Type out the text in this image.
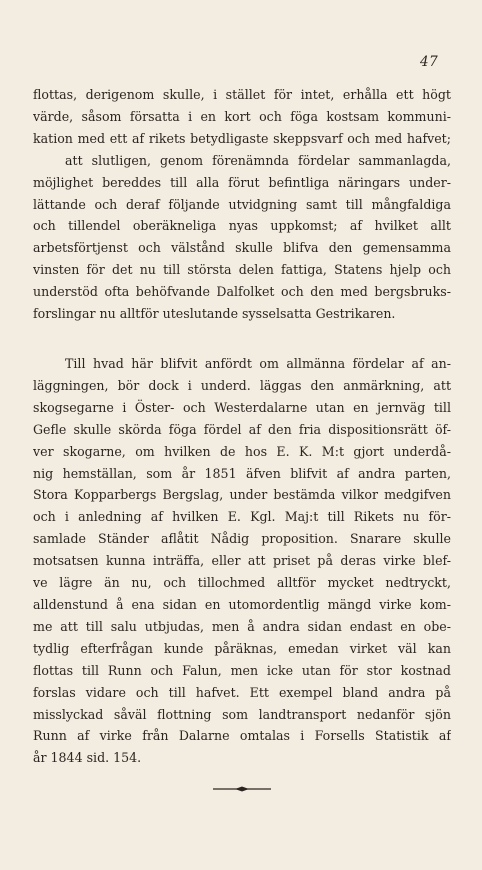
47
flottas, derigenom skulle, i stället för intet, erhålla ett högt
värde, såsom försatta i en kort och föga kostsam kommuni-
kation med ett af rikets betydligaste skeppsvarf och med hafvet;
att slutligen, genom förenämnda fördelar sammanlagda,
möjlighet bereddes till alla förut befintliga näringars under-
lättande och deraf följande utvidgning samt till mångfaldiga
och tillendel oberäkneliga nyas uppkomst; af hvilket allt
arbetsförtjenst och välstånd skulle blifva den gemensamma
vinsten för det nu till största delen fattiga, Statens hjelp och
understöd ofta behöfvande Dalfolket och den med bergsbruks-
forslingar nu alltför uteslutande sysselsatta Gestrikaren.
Till hvad här blifvit anfördt om allmänna fördelar af an-
läggningen, bör dock i underd. läggas den anmärkning, att
skogsegarne i Öster- och Westerdalarne utan en jernväg till
Gefle skulle skörda föga fördel af den fria dispositionsrätt öf-
ver skogarne, om hvilken de hos E. K. M:t gjort underdå-
nig hemställan, som år 1851 äfven blifvit af andra parten,
Stora Kopparbergs Bergslag, under bestämda vilkor medgifven
och i anledning af hvilken E. Kgl. Maj:t till Rikets nu för-
samlade Ständer aflåtit Nådig proposition. Snarare skulle
motsatsen kunna inträffa, eller att priset på deras virke blef-
ve lägre än nu, och tillochmed alltför mycket nedtryckt,
alldenstund å ena sidan en utomordentlig mängd virke kom-
me att till salu utbjudas, men å andra sidan endast en obe-
tydlig efterfrågan kunde påräknas, emedan virket väl kan
flottas till Runn och Falun, men icke utan för stor kostnad
forslas vidare och till hafvet. Ett exempel bland andra på
misslyckad såväl flottning som landtransport nedanför sjön
Runn af virke från Dalarne omtalas i Forsells Statistik af
år 1844 sid. 154.
